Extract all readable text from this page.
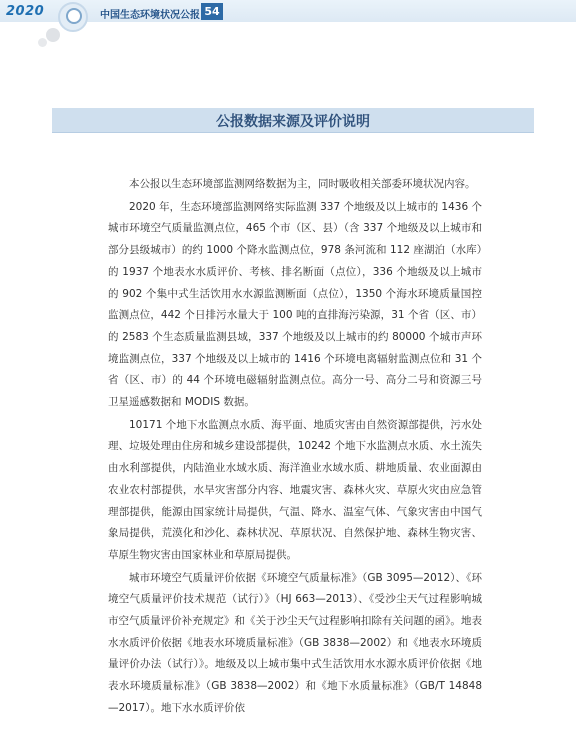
2020	中国生态环境状况公报 54
公报数据来源及评价说明

本公报以生态环境部监测网络数据为主，同时吸收相关部委环境状况内容。

2020 年，生态环境部监测网络实际监测 337 个地级及以上城市的 1436 个城市环境空气质量监测点位，465 个市（区、县）（含 337 个地级及以上城市和部分县级城市）的约 1000 个降水监测点位，978 条河流和 112 座湖泊（水库）的 1937 个地表水水质评价、考核、排名断面（点位），336 个地级及以上城市的 902 个集中式生活饮用水水源监测断面（点位），1350 个海水环境质量国控监测点位，442 个日排污水量大于 100 吨的直排海污染源，31 个省（区、市）的 2583 个生态质量监测县域，337 个地级及以上城市的约 80000 个城市声环境监测点位，337 个地级及以上城市的 1416 个环境电离辐射监测点位和 31 个省（区、市）的 44 个环境电磁辐射监测点位。高分一号、高分二号和资源三号卫星遥感数据和 MODIS 数据。

10171 个地下水监测点水质、海平面、地质灾害由自然资源部提供，污水处理、垃圾处理由住房和城乡建设部提供，10242 个地下水监测点水质、水土流失由水利部提供，内陆渔业水域水质、海洋渔业水域水质、耕地质量、农业面源由农业农村部提供，水旱灾害部分内容、地震灾害、森林火灾、草原火灾由应急管理部提供，能源由国家统计局提供，气温、降水、温室气体、气象灾害由中国气象局提供，荒漠化和沙化、森林状况、草原状况、自然保护地、森林生物灾害、草原生物灾害由国家林业和草原局提供。

城市环境空气质量评价依据《环境空气质量标准》（GB 3095—2012）、《环境空气质量评价技术规范（试行）》（HJ 663—2013）、《受沙尘天气过程影响城市空气质量评价补充规定》和《关于沙尘天气过程影响扣除有关问题的函》。地表水水质评价依据《地表水环境质量标准》（GB 3838—2002）和《地表水环境质量评价办法（试行）》。地级及以上城市集中式生活饮用水水源水质评价依据《地表水环境质量标准》（GB 3838—2002）和《地下水质量标准》（GB/T 14848—2017）。地下水水质评价依
